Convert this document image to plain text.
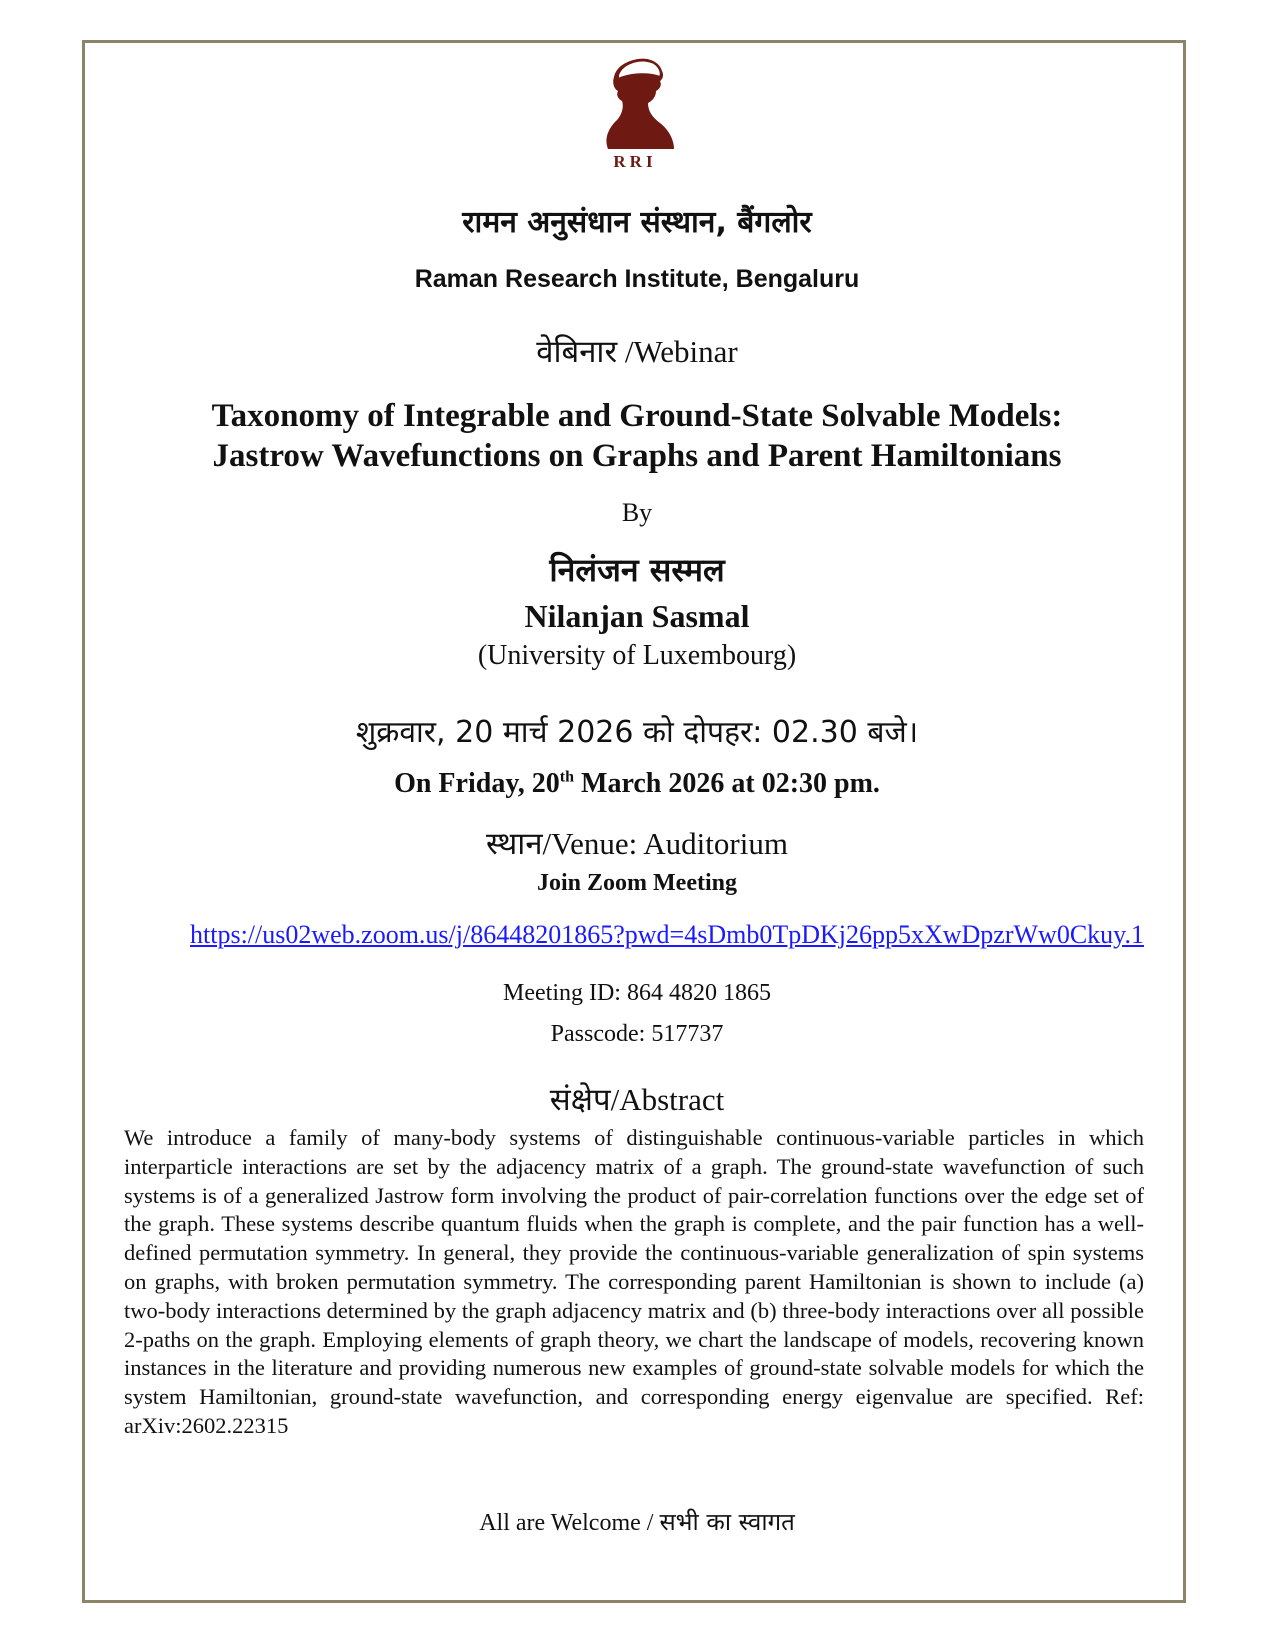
RRI
रामन अनुसंधान संस्थान, बैंगलोर
Raman Research Institute, Bengaluru
वेबिनार /Webinar
Taxonomy of Integrable and Ground-State Solvable Models:
Jastrow Wavefunctions on Graphs and Parent Hamiltonians
By
निलंजन सस्मल
Nilanjan Sasmal
(University of Luxembourg)
शुक्रवार, 20 मार्च 2026 को दोपहर: 02.30 बजे।
On Friday, 20th March 2026 at 02:30 pm.
स्थान/Venue: Auditorium
Join Zoom Meeting
https://us02web.zoom.us/j/86448201865?pwd=4sDmb0TpDKj26pp5xXwDpzrWw0Ckuy.1
Meeting ID: 864 4820 1865
Passcode: 517737
संक्षेप/Abstract
We introduce a family of many-body systems of distinguishable continuous-variable particles in which interparticle interactions are set by the adjacency matrix of a graph. The ground-state wavefunction of such systems is of a generalized Jastrow form involving the product of pair-correlation functions over the edge set of the graph. These systems describe quantum fluids when the graph is complete, and the pair function has a well-defined permutation symmetry. In general, they provide the continuous-variable generalization of spin systems on graphs, with broken permutation symmetry. The corresponding parent Hamiltonian is shown to include (a) two-body interactions determined by the graph adjacency matrix and (b) three-body interactions over all possible 2-paths on the graph. Employing elements of graph theory, we chart the landscape of models, recovering known instances in the literature and providing numerous new examples of ground-state solvable models for which the system Hamiltonian, ground-state wavefunction, and corresponding energy eigenvalue are specified. Ref: arXiv:2602.22315
All are Welcome / सभी का स्वागत
